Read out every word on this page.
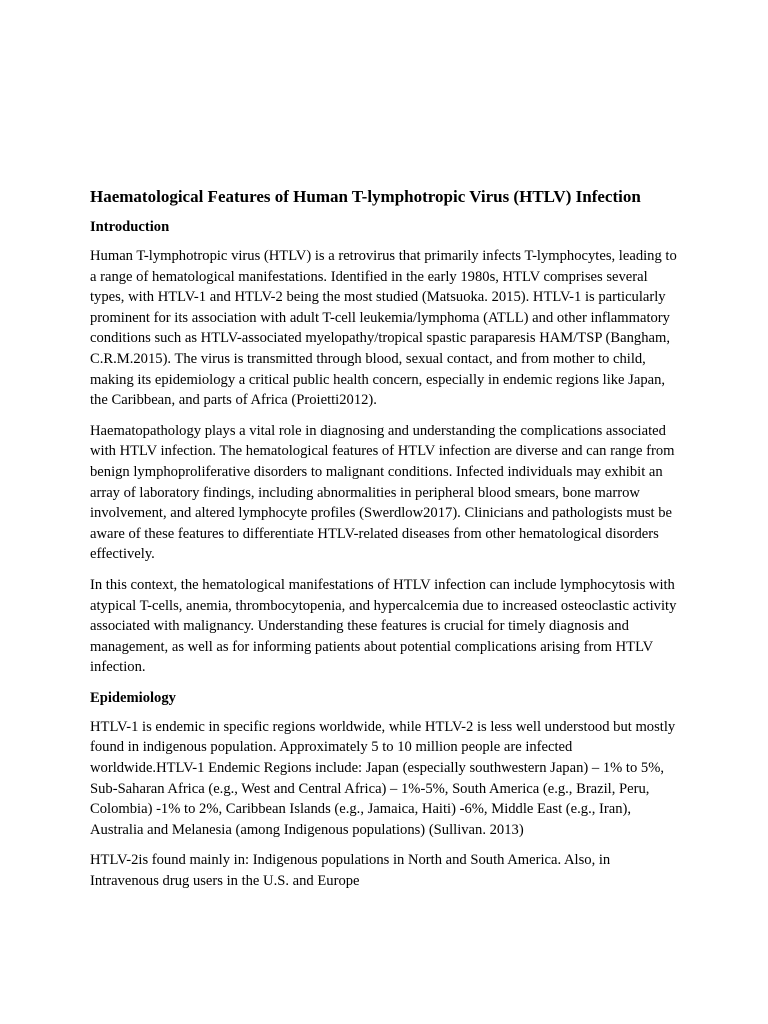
Haematological Features of Human T-lymphotropic Virus (HTLV) Infection
Introduction

Human T-lymphotropic virus (HTLV) is a retrovirus that primarily infects T-lymphocytes, leading to a range of hematological manifestations. Identified in the early 1980s, HTLV comprises several types, with HTLV-1 and HTLV-2 being the most studied (Matsuoka. 2015). HTLV-1 is particularly prominent for its association with adult T-cell leukemia/lymphoma (ATLL) and other inflammatory conditions such as HTLV-associated myelopathy/tropical spastic paraparesis HAM/TSP (Bangham, C.R.M.2015). The virus is transmitted through blood, sexual contact, and from mother to child, making its epidemiology a critical public health concern, especially in endemic regions like Japan, the Caribbean, and parts of Africa (Proietti2012).

Haematopathology plays a vital role in diagnosing and understanding the complications associated with HTLV infection. The hematological features of HTLV infection are diverse and can range from benign lymphoproliferative disorders to malignant conditions. Infected individuals may exhibit an array of laboratory findings, including abnormalities in peripheral blood smears, bone marrow involvement, and altered lymphocyte profiles (Swerdlow2017). Clinicians and pathologists must be aware of these features to differentiate HTLV-related diseases from other hematological disorders effectively.

In this context, the hematological manifestations of HTLV infection can include lymphocytosis with atypical T-cells, anemia, thrombocytopenia, and hypercalcemia due to increased osteoclastic activity associated with malignancy. Understanding these features is crucial for timely diagnosis and management, as well as for informing patients about potential complications arising from HTLV infection.

Epidemiology

HTLV-1 is endemic in specific regions worldwide, while HTLV-2 is less well understood but mostly found in indigenous population. Approximately 5 to 10 million people are infected worldwide.HTLV-1 Endemic Regions include: Japan (especially southwestern Japan) – 1% to 5%, Sub-Saharan Africa (e.g., West and Central Africa) – 1%-5%, South America (e.g., Brazil, Peru, Colombia) -1% to 2%, Caribbean Islands (e.g., Jamaica, Haiti) -6%, Middle East (e.g., Iran), Australia and Melanesia (among Indigenous populations) (Sullivan. 2013)

HTLV-2is found mainly in: Indigenous populations in North and South America. Also, in Intravenous drug users in the U.S. and Europe
